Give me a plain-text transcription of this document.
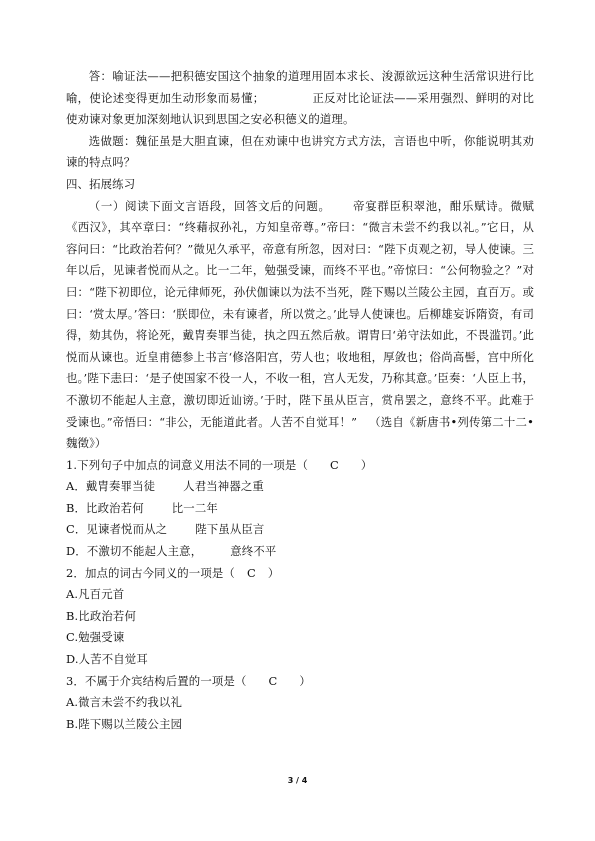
答：喻证法——把积德安国这个抽象的道理用固本求长、浚源欲远这种生活常识进行比喻，使论述变得更加生动形象而易懂；	正反对比论证法——采用强烈、鲜明的对比使劝谏对象更加深刻地认识到思国之安必积德义的道理。

选做题：魏征虽是大胆直谏，但在劝谏中也讲究方式方法，言语也中听，你能说明其劝谏的特点吗？

四、拓展练习

（一）阅读下面文言语段，回答文后的问题。 帝宴群臣积翠池，酣乐赋诗。微赋《西汉》，其卒章曰：“终藉叔孙礼，方知皇帝尊。”帝曰：“微言未尝不约我以礼。”它日，从容问曰：“比政治若何？”微见久承平，帝意有所忽，因对曰：“陛下贞观之初，导人使谏。三年以后，见谏者悦而从之。比一二年，勉强受谏，而终不平也。”帝惊曰：“公何物验之？”对曰：“陛下初即位，论元律师死，孙伏伽谏以为法不当死，陛下赐以兰陵公主园，直百万。或曰：‘赏太厚。’答曰：‘朕即位，未有谏者，所以赏之。’此导人使谏也。后柳雄妄诉隋资，有司得，劾其伪，将论死，戴胄奏罪当徒，执之四五然后赦。谓胄曰‘弟守法如此，不畏滥罚。’此悦而从谏也。近皇甫德参上书言‘修洛阳宫，劳人也；收地租，厚敛也；俗尚高髻，宫中所化也。’陛下恚曰：‘是子使国家不役一人，不收一租，宫人无发，乃称其意。’臣奏：‘人臣上书，不激切不能起人主意，激切即近讪谤。’于时，陛下虽从臣言，赏帛罢之，意终不平。此难于受谏也。”帝悟曰：“非公，无能道此者。人苦不自觉耳！” （选自《新唐书•列传第二十二•魏徵》）

1.下列句子中加点的词意义用法不同的一项是（ C ）

A．戴胄奏罪当徒 人君当神器之重

B．比政治若何 比一二年

C．见谏者悦而从之 陛下虽从臣言

D．不激切不能起人主意， 意终不平

2．加点的词古今同义的一项是（ C ）

A.凡百元首

B.比政治若何

C.勉强受谏

D.人苦不自觉耳

3．不属于介宾结构后置的一项是（ C ）

A.微言未尝不约我以礼

B.陛下赐以兰陵公主园

3 / 4
